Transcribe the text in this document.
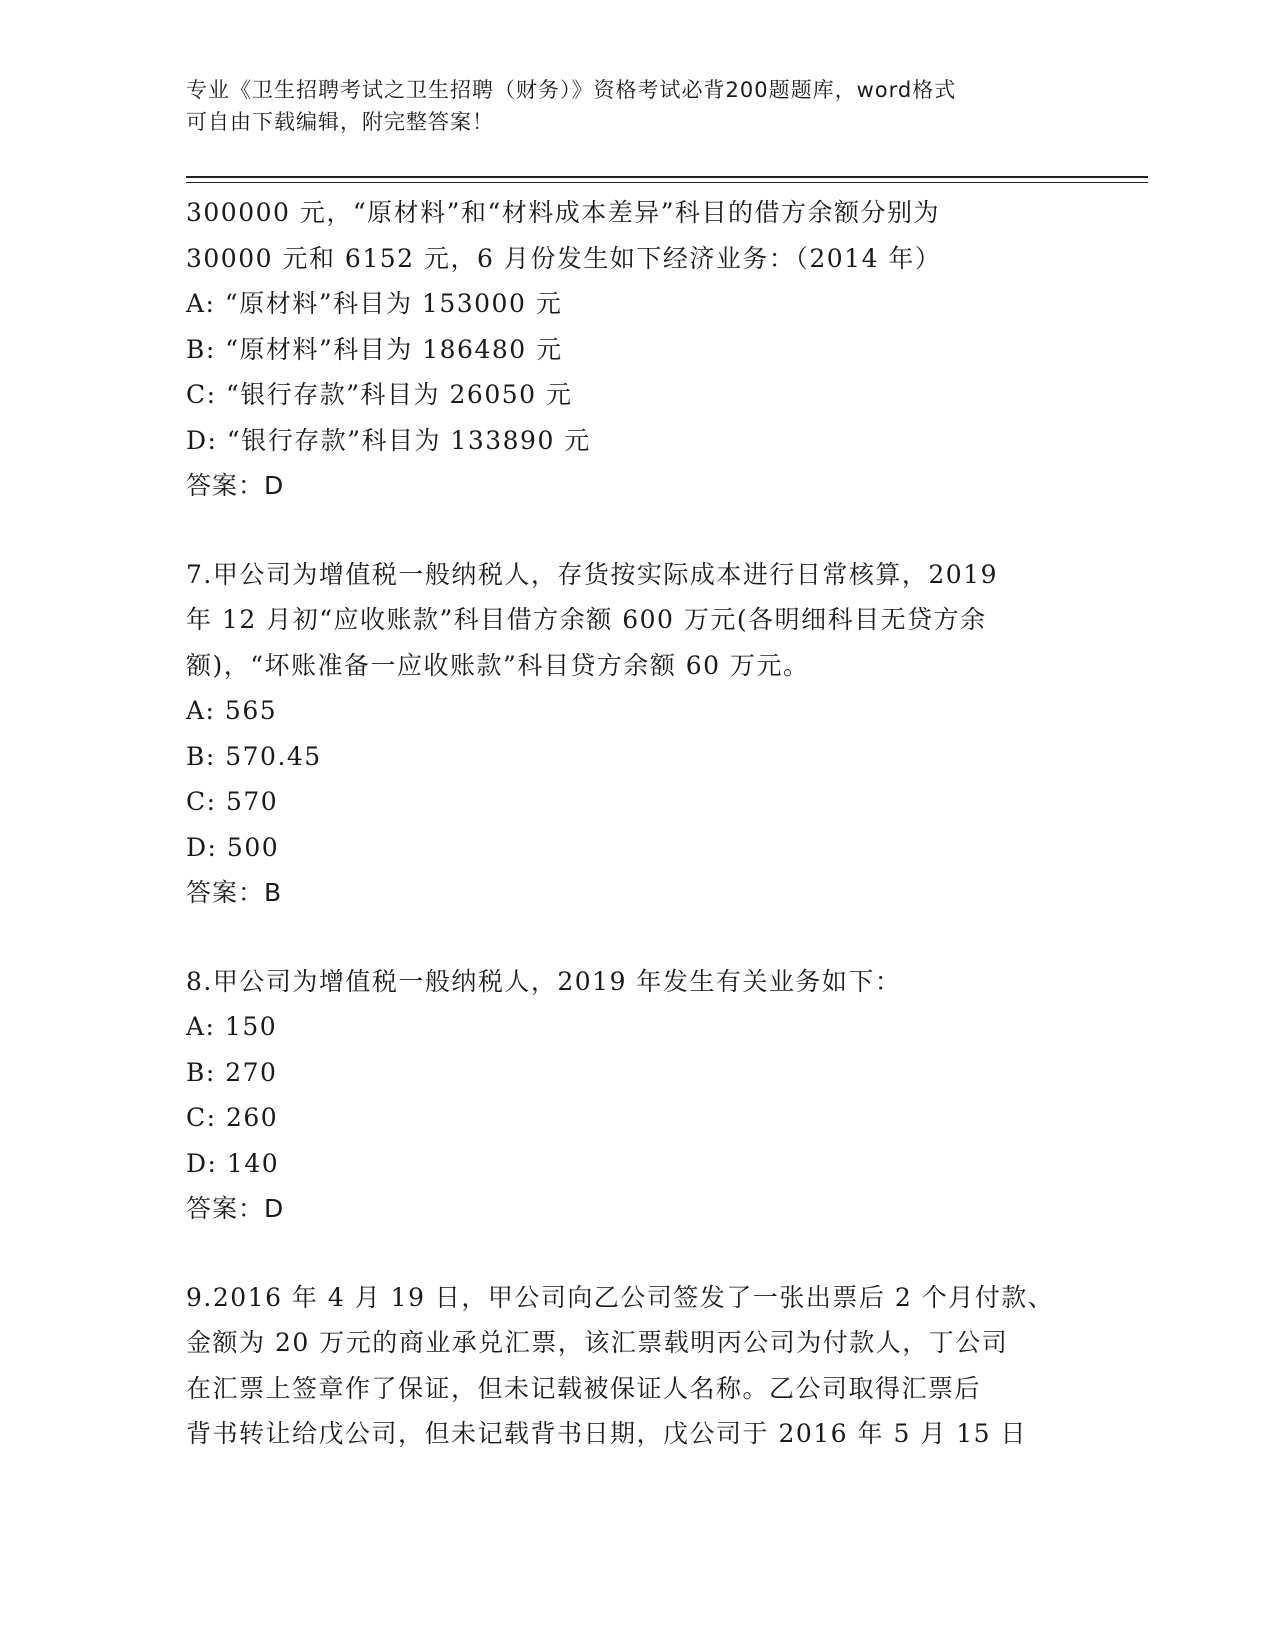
专业《卫生招聘考试之卫生招聘（财务）》资格考试必背200题题库，word格式
可自由下载编辑，附完整答案！
300000 元，“原材料”和“材料成本差异”科目的借方余额分别为
30000 元和 6152 元，6 月份发生如下经济业务：（2014 年）
A: “原材料”科目为 153000 元
B: “原材料”科目为 186480 元
C: “银行存款”科目为 26050 元
D: “银行存款”科目为 133890 元
答案：D
7.甲公司为增值税一般纳税人，存货按实际成本进行日常核算，2019
年 12 月初“应收账款”科目借方余额 600 万元(各明细科目无贷方余
额)，“坏账准备一应收账款”科目贷方余额 60 万元。
A: 565
B: 570.45
C: 570
D: 500
答案：B
8.甲公司为增值税一般纳税人，2019 年发生有关业务如下：
A: 150
B: 270
C: 260
D: 140
答案：D
9.2016 年 4 月 19 日，甲公司向乙公司签发了一张出票后 2 个月付款、
金额为 20 万元的商业承兑汇票，该汇票载明丙公司为付款人，丁公司
在汇票上签章作了保证，但未记载被保证人名称。乙公司取得汇票后
背书转让给戊公司，但未记载背书日期，戊公司于 2016 年 5 月 15 日
